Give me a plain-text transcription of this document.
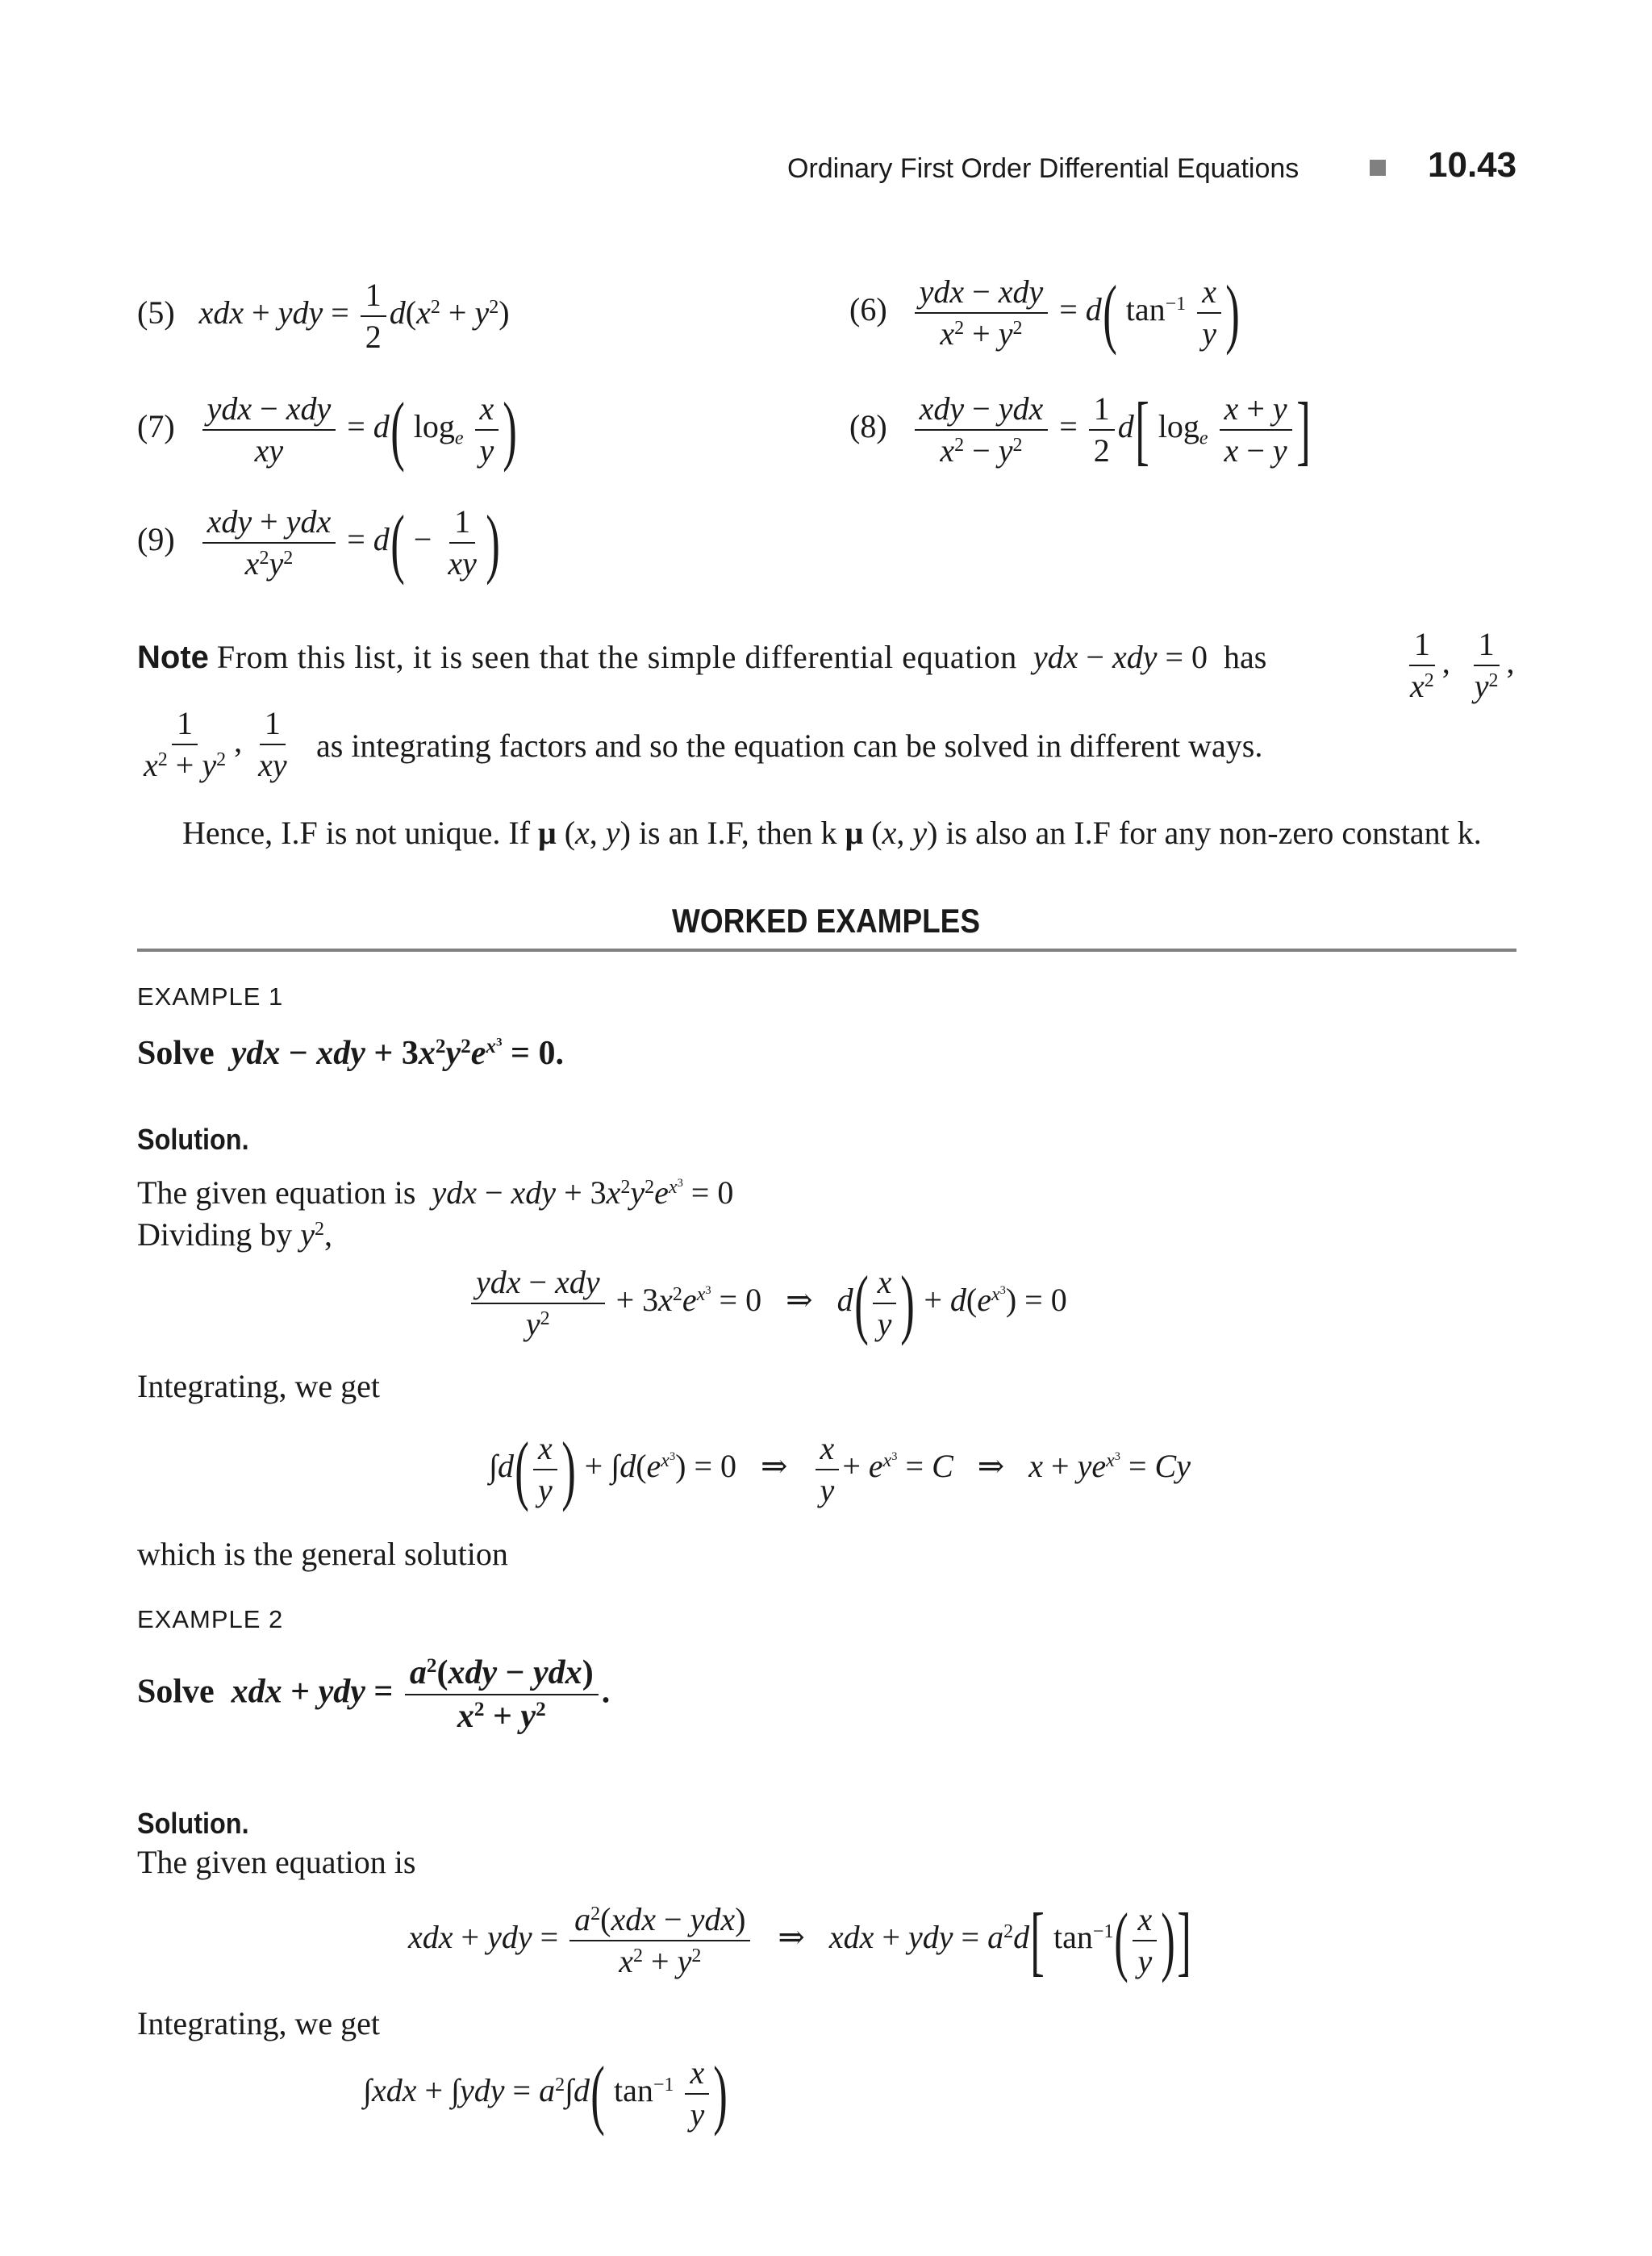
Ordinary First Order Differential Equations	10.43
(5) xdx + ydy = $\frac{1}{2} d(x^2 + y^2)$	$(6) \frac{\text{ydx − xdy}}{x^2 + y^2} = d$( $\tan^{-1} \frac{x}{y}$ )
$(7) \frac{\text{ydx − xdy}}{xy} = d$( $\log_e \frac{x}{y}$ )	$(8) \frac{\text{xdy − ydx}}{x^2 - y^2} = \frac{1}{2} d$[ $\log_e \frac{x + y}{x - y}$ ]
$(9) \frac{\text{xdy + ydx}}{x^2y^2} = d( - \frac{1}{xy}$ )
Note From this list, it is seen that the simple differential equation ydx − xdy = 0  has	$\frac{1}{x^2}$ , $\frac{1}{y^2}$ ,
$\frac{1}{x^2 + y^2}$ , $\frac{1}{xy}$ as integrating factors and so the equation can be solved in different ways.
Hence, I.F is not unique. If μ (x, y) is an I.F, then k μ (x, y) is also an I.F for any non-zero constant k.
WORKED EXAMPLES
EXAMPLE 1
Solve ydx − xdy + $3x^2y^2e^{x^3} = 0$.
Solution.
The given equation is ydx − xdy + $3x^2y^2e^{x^3} = 0$
Dividing by $y^2$,
$\frac{\text{ydx − xdy}}{y^2} + 3x^2e^{x^3} = 0$   ⇒   $d( \frac{x}{y}$ ) + $d(e^{x^3}) = 0$
Integrating, we get
$\int d( \frac{x}{y}$ ) + $\int d(e^{x^3}) = 0$   ⇒ $\frac{x}{y} + e^{x^3} = C$   ⇒   $x + ye^{x^3} = Cy$
which is the general solution
EXAMPLE 2
Solve xdx + ydy = $\frac{a^2(xdy - ydx)}{x^2 + y^2}$ .
Solution.
The given equation is
xdx + ydy = $\frac{a^2(xdx - ydx)}{x^2 + y^2}$ ⇒   xdx + ydy = $a^2d$[ $\tan^{-1}( \frac{x}{y}$ )]
Integrating, we get
$\int xdx + \int ydy = a^2\int d$( $\tan^{-1} \frac{x}{y}$ )
